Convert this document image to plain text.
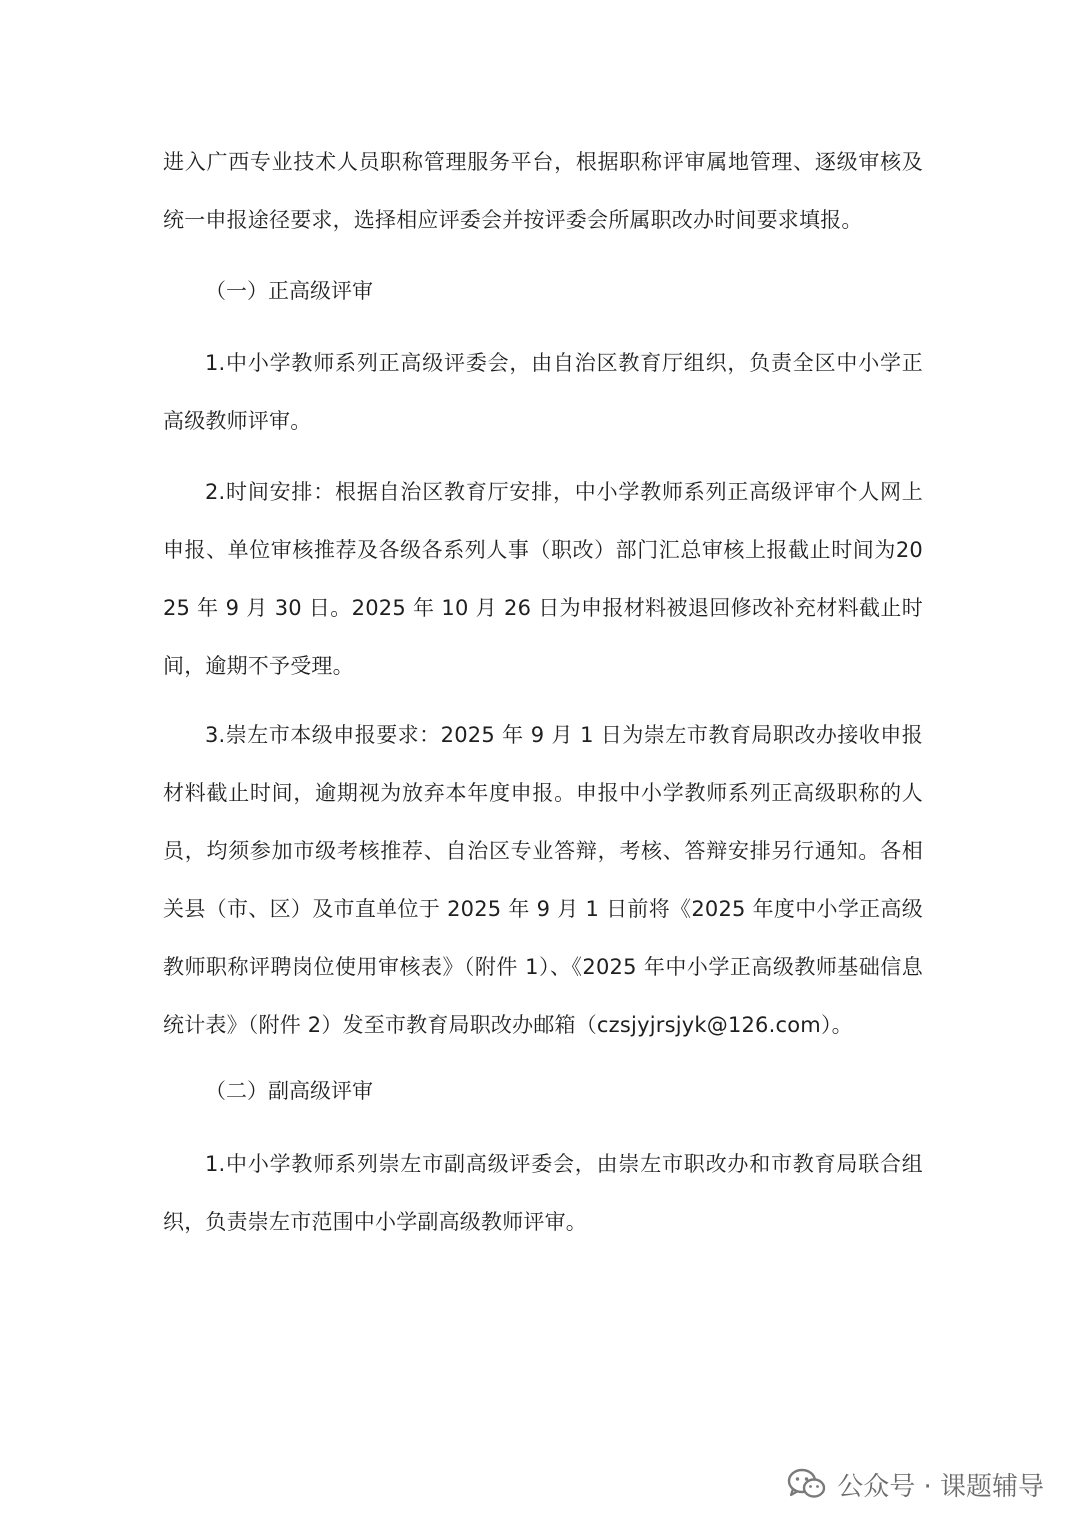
进入广西专业技术人员职称管理服务平台，根据职称评审属地管理、逐级审核及统一申报途径要求，选择相应评委会并按评委会所属职改办时间要求填报。

（一）正高级评审

1.中小学教师系列正高级评委会，由自治区教育厅组织，负责全区中小学正高级教师评审。

2.时间安排：根据自治区教育厅安排，中小学教师系列正高级评审个人网上申报、单位审核推荐及各级各系列人事（职改）部门汇总审核上报截止时间为2025 年 9 月 30 日。2025 年 10 月 26 日为申报材料被退回修改补充材料截止时间，逾期不予受理。

3.崇左市本级申报要求：2025 年 9 月 1 日为崇左市教育局职改办接收申报材料截止时间，逾期视为放弃本年度申报。申报中小学教师系列正高级职称的人员，均须参加市级考核推荐、自治区专业答辩，考核、答辩安排另行通知。各相关县（市、区）及市直单位于 2025 年 9 月 1 日前将《2025 年度中小学正高级教师职称评聘岗位使用审核表》（附件 1）、《2025 年中小学正高级教师基础信息统计表》（附件 2）发至市教育局职改办邮箱（czsjyjrsjyk@126.com）。

（二）副高级评审

1.中小学教师系列崇左市副高级评委会，由崇左市职改办和市教育局联合组织，负责崇左市范围中小学副高级教师评审。

公众号 · 课题辅导
